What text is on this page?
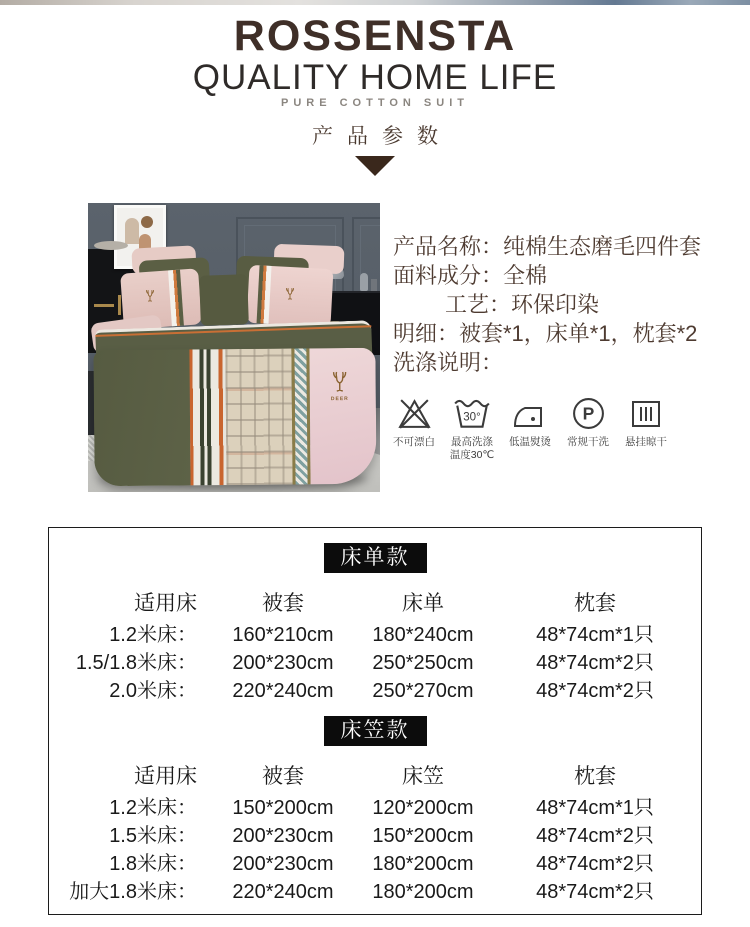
ROSSENSTA
QUALITY HOME LIFE
PURE COTTON SUIT
产品参数
DEER
产品名称：纯棉生态磨毛四件套
面料成分：全棉
工艺：环保印染
明细：被套*1，床单*1，枕套*2
洗涤说明：
不可漂白
30°
最高洗涤
温度30℃
低温熨烫
P
常规干洗 悬挂晾干
床单款
适用床	被套	床单	枕套
1.2米床：	160*210cm	180*240cm	48*74cm*1只
1.5/1.8米床：	200*230cm	250*250cm	48*74cm*2只
2.0米床：	220*240cm	250*270cm	48*74cm*2只
床笠款
适用床	被套	床笠	枕套
1.2米床：	150*200cm	120*200cm	48*74cm*1只
1.5米床：	200*230cm	150*200cm	48*74cm*2只
1.8米床：	200*230cm	180*200cm	48*74cm*2只
加大1.8米床：	220*240cm	180*200cm	48*74cm*2只
